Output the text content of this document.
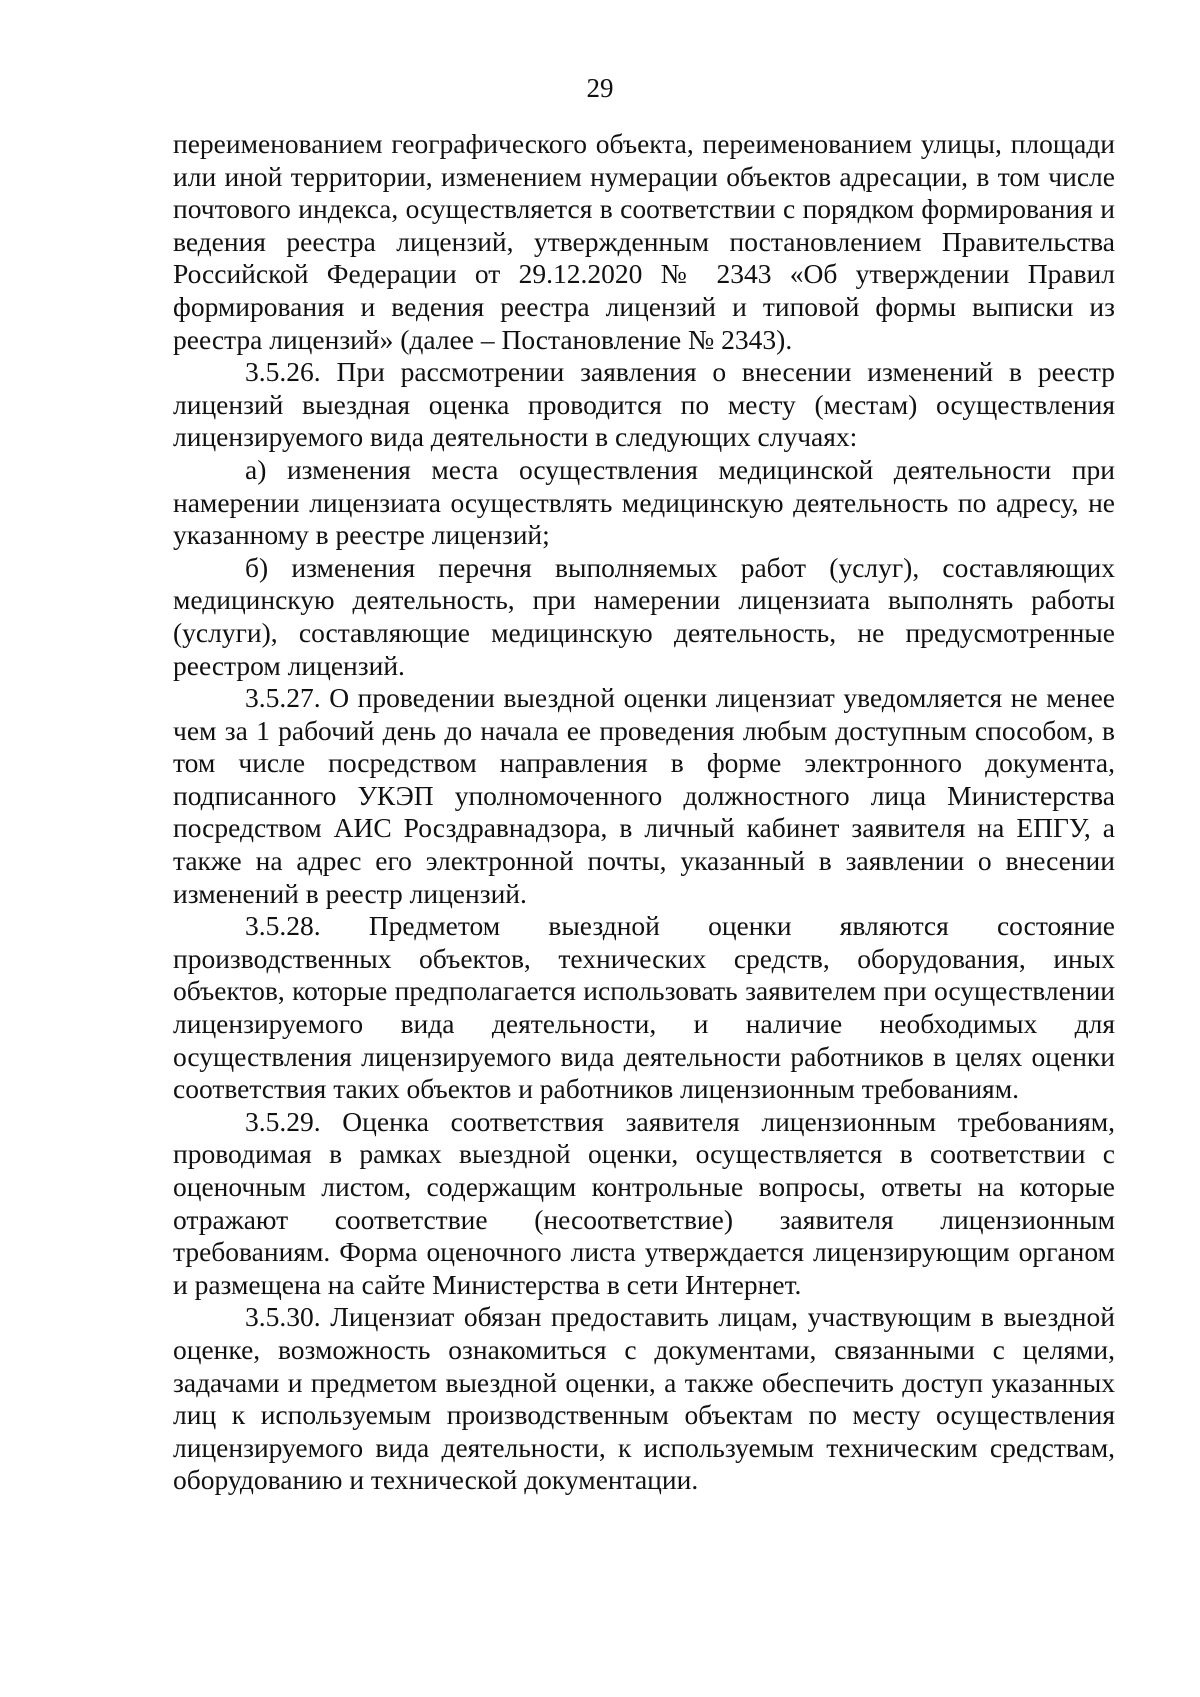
29

переименованием географического объекта, переименованием улицы, площади или иной территории, изменением нумерации объектов адресации, в том числе почтового индекса, осуществляется в соответствии с порядком формирования и ведения реестра лицензий, утвержденным постановлением Правительства Российской Федерации от 29.12.2020 № 2343 «Об утверждении Правил формирования и ведения реестра лицензий и типовой формы выписки из реестра лицензий» (далее – Постановление № 2343).

3.5.26. При рассмотрении заявления о внесении изменений в реестр лицензий выездная оценка проводится по месту (местам) осуществления лицензируемого вида деятельности в следующих случаях:

а) изменения места осуществления медицинской деятельности при намерении лицензиата осуществлять медицинскую деятельность по адресу, не указанному в реестре лицензий;

б) изменения перечня выполняемых работ (услуг), составляющих медицинскую деятельность, при намерении лицензиата выполнять работы (услуги), составляющие медицинскую деятельность, не предусмотренные реестром лицензий.

3.5.27. О проведении выездной оценки лицензиат уведомляется не менее чем за 1 рабочий день до начала ее проведения любым доступным способом, в том числе посредством направления в форме электронного документа, подписанного УКЭП уполномоченного должностного лица Министерства посредством АИС Росздравнадзора, в личный кабинет заявителя на ЕПГУ, а также на адрес его электронной почты, указанный в заявлении о внесении изменений в реестр лицензий.

3.5.28. Предметом выездной оценки являются состояние производственных объектов, технических средств, оборудования, иных объектов, которые предполагается использовать заявителем при осуществлении лицензируемого вида деятельности, и наличие необходимых для осуществления лицензируемого вида деятельности работников в целях оценки соответствия таких объектов и работников лицензионным требованиям.

3.5.29. Оценка соответствия заявителя лицензионным требованиям, проводимая в рамках выездной оценки, осуществляется в соответствии с оценочным листом, содержащим контрольные вопросы, ответы на которые отражают соответствие (несоответствие) заявителя лицензионным требованиям. Форма оценочного листа утверждается лицензирующим органом и размещена на сайте Министерства в сети Интернет.

3.5.30. Лицензиат обязан предоставить лицам, участвующим в выездной оценке, возможность ознакомиться с документами, связанными с целями, задачами и предметом выездной оценки, а также обеспечить доступ указанных лиц к используемым производственным объектам по месту осуществления лицензируемого вида деятельности, к используемым техническим средствам, оборудованию и технической документации.
